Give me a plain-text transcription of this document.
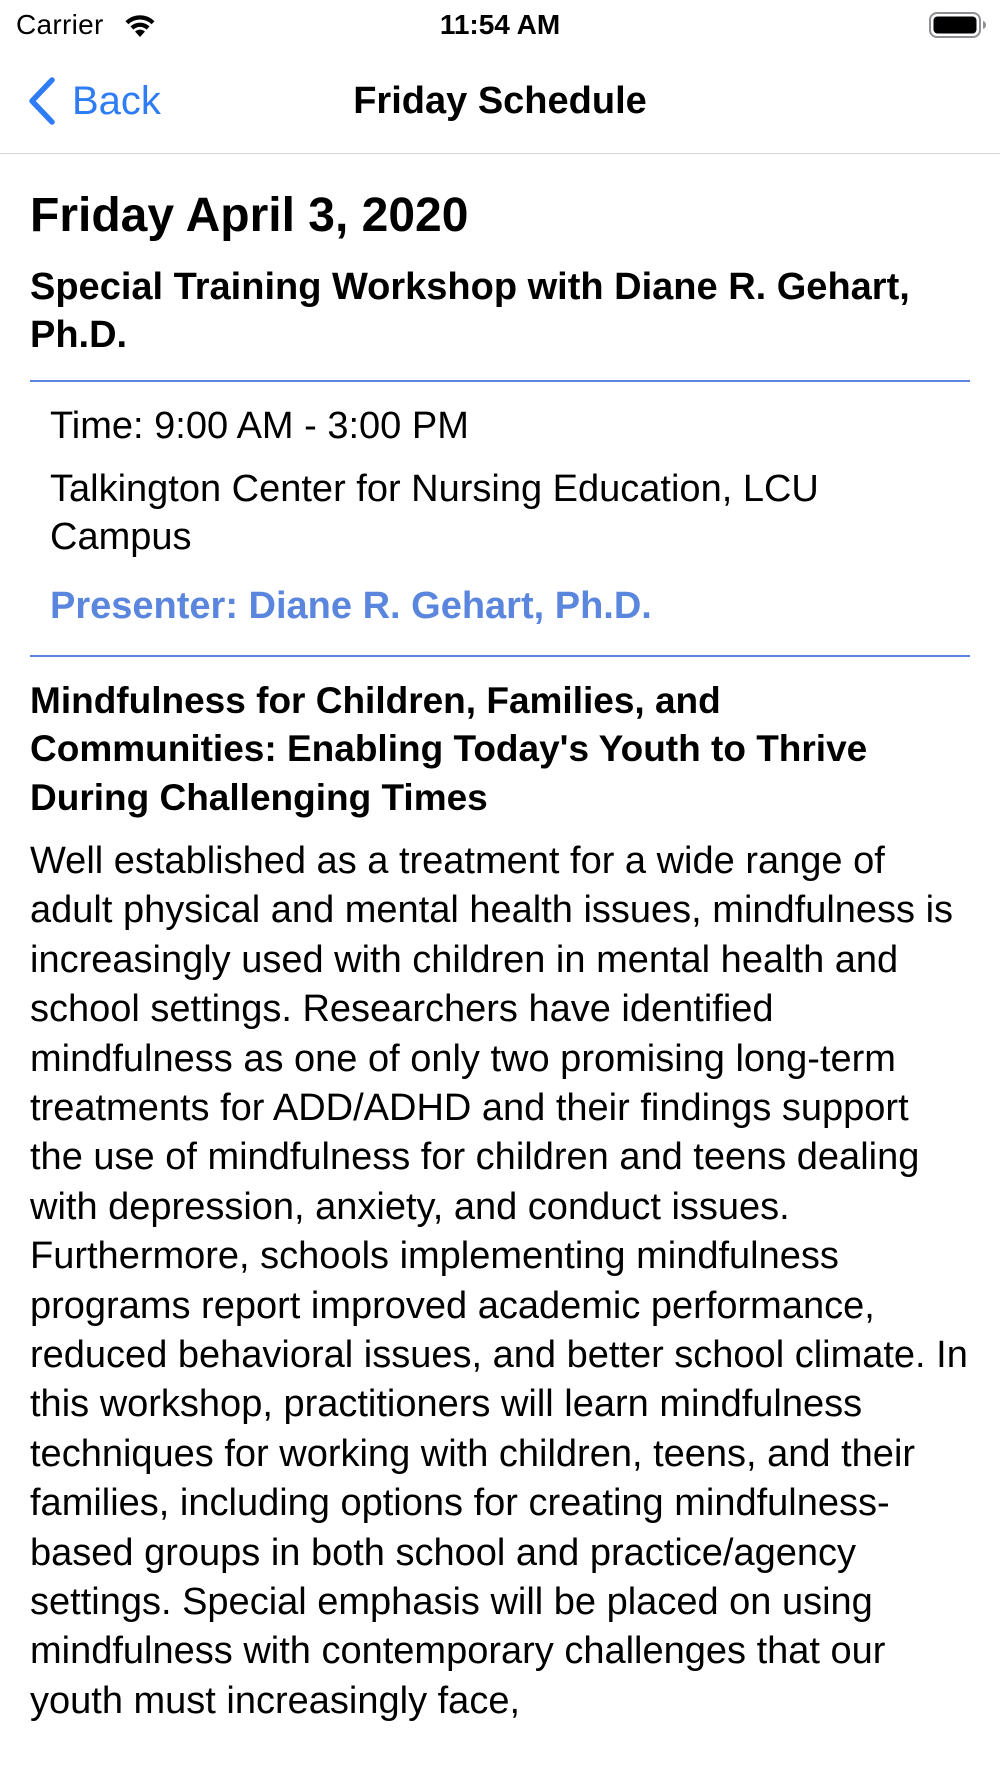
Carrier	11:54 AM
Back	Friday Schedule
Friday April 3, 2020
Special Training Workshop with Diane R. Gehart, Ph.D.
Time: 9:00 AM - 3:00 PM
Talkington Center for Nursing Education, LCU Campus
Presenter: Diane R. Gehart, Ph.D.
Mindfulness for Children, Families, and Communities: Enabling Today's Youth to Thrive During Challenging Times
Well established as a treatment for a wide range of adult physical and mental health issues, mindfulness is increasingly used with children in mental health and school settings. Researchers have identified mindfulness as one of only two promising long-term treatments for ADD/ADHD and their findings support the use of mindfulness for children and teens dealing with depression, anxiety, and conduct issues. Furthermore, schools implementing mindfulness programs report improved academic performance, reduced behavioral issues, and better school climate. In this workshop, practitioners will learn mindfulness techniques for working with children, teens, and their families, including options for creating mindfulness-based groups in both school and practice/agency settings. Special emphasis will be placed on using mindfulness with contemporary challenges that our youth must increasingly face,
